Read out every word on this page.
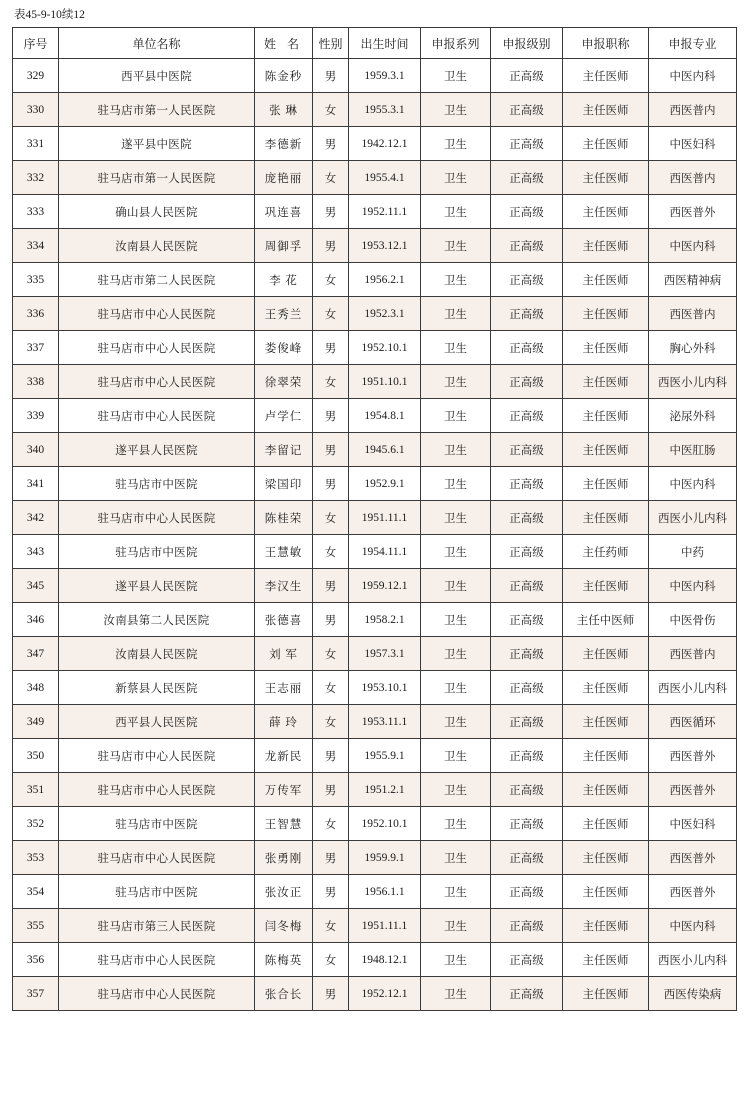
表45-9-10续12
序号	单位名称	姓 名	性别	出生时间	申报系列	申报级别	申报职称	申报专业
329	西平县中医院	陈金秒	男	1959.3.1	卫生	正高级	主任医师	中医内科
330	驻马店市第一人民医院	张 琳	女	1955.3.1	卫生	正高级	主任医师	西医普内
331	遂平县中医院	李德新	男	1942.12.1	卫生	正高级	主任医师	中医妇科
332	驻马店市第一人民医院	庞艳丽	女	1955.4.1	卫生	正高级	主任医师	西医普内
333	确山县人民医院	巩连喜	男	1952.11.1	卫生	正高级	主任医师	西医普外
334	汝南县人民医院	周御孚	男	1953.12.1	卫生	正高级	主任医师	中医内科
335	驻马店市第二人民医院	李 花	女	1956.2.1	卫生	正高级	主任医师	西医精神病
336	驻马店市中心人民医院	王秀兰	女	1952.3.1	卫生	正高级	主任医师	西医普内
337	驻马店市中心人民医院	娄俊峰	男	1952.10.1	卫生	正高级	主任医师	胸心外科
338	驻马店市中心人民医院	徐翠荣	女	1951.10.1	卫生	正高级	主任医师	西医小儿内科
339	驻马店市中心人民医院	卢学仁	男	1954.8.1	卫生	正高级	主任医师	泌尿外科
340	遂平县人民医院	李留记	男	1945.6.1	卫生	正高级	主任医师	中医肛肠
341	驻马店市中医院	梁国印	男	1952.9.1	卫生	正高级	主任医师	中医内科
342	驻马店市中心人民医院	陈桂荣	女	1951.11.1	卫生	正高级	主任医师	西医小儿内科
343	驻马店市中医院	王慧敏	女	1954.11.1	卫生	正高级	主任药师	中药
345	遂平县人民医院	李汉生	男	1959.12.1	卫生	正高级	主任医师	中医内科
346	汝南县第二人民医院	张德喜	男	1958.2.1	卫生	正高级	主任中医师	中医骨伤
347	汝南县人民医院	刘 军	女	1957.3.1	卫生	正高级	主任医师	西医普内
348	新蔡县人民医院	王志丽	女	1953.10.1	卫生	正高级	主任医师	西医小儿内科
349	西平县人民医院	薛 玲	女	1953.11.1	卫生	正高级	主任医师	西医循环
350	驻马店市中心人民医院	龙新民	男	1955.9.1	卫生	正高级	主任医师	西医普外
351	驻马店市中心人民医院	万传军	男	1951.2.1	卫生	正高级	主任医师	西医普外
352	驻马店市中医院	王智慧	女	1952.10.1	卫生	正高级	主任医师	中医妇科
353	驻马店市中心人民医院	张勇刚	男	1959.9.1	卫生	正高级	主任医师	西医普外
354	驻马店市中医院	张汝正	男	1956.1.1	卫生	正高级	主任医师	西医普外
355	驻马店市第三人民医院	闫冬梅	女	1951.11.1	卫生	正高级	主任医师	中医内科
356	驻马店市中心人民医院	陈梅英	女	1948.12.1	卫生	正高级	主任医师	西医小儿内科
357	驻马店市中心人民医院	张合长	男	1952.12.1	卫生	正高级	主任医师	西医传染病
